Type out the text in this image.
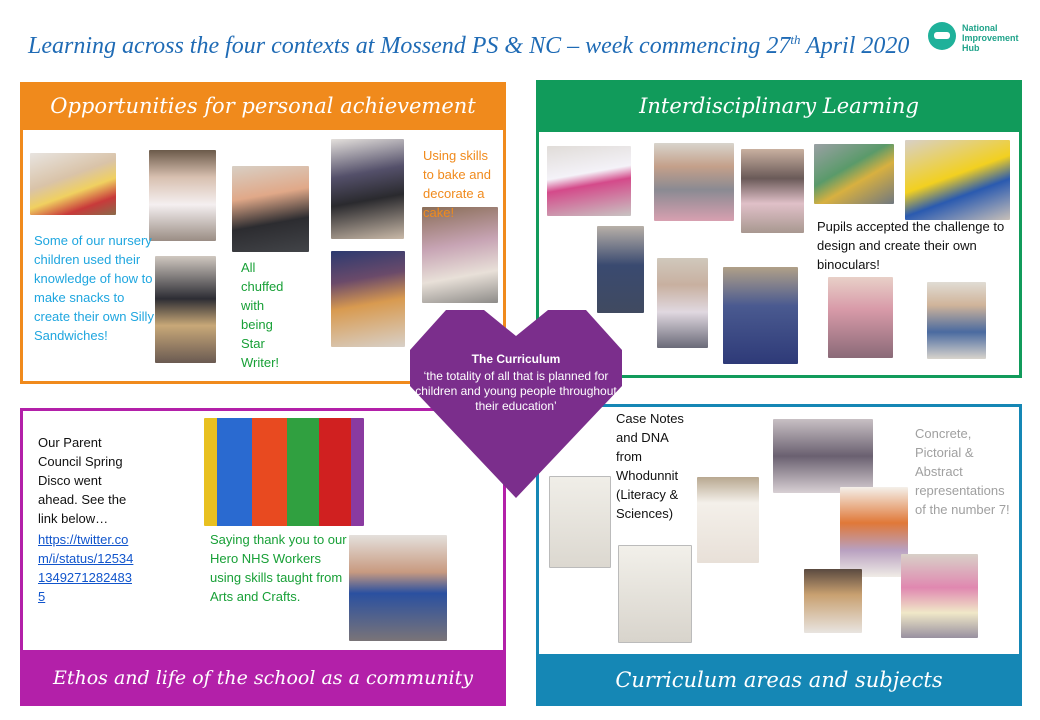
Learning across the four contexts at Mossend PS & NC – week commencing 27th April 2020
National
Improvement
Hub
Opportunities for personal achievement	Interdisciplinary Learning
Ethos and life of the school as a community	Curriculum areas and subjects
Some of our nursery children used their knowledge of how to make snacks to create their own Silly Sandwiches!
All chuffed with being Star Writer!
Using skills to bake and decorate a cake!
Pupils accepted the challenge to design and create their own binoculars!
Our Parent Council Spring Disco went ahead. See the link below…
https://twitter.com/i/status/1253413492712824835
Saying thank you to our Hero NHS Workers using skills taught from Arts and Crafts.
Case Notes and DNA from Whodunnit (Literacy & Sciences)
Concrete, Pictorial & Abstract representations of the number 7!
The Curriculum
‘the totality of all that is planned for children and young people throughout their education’
